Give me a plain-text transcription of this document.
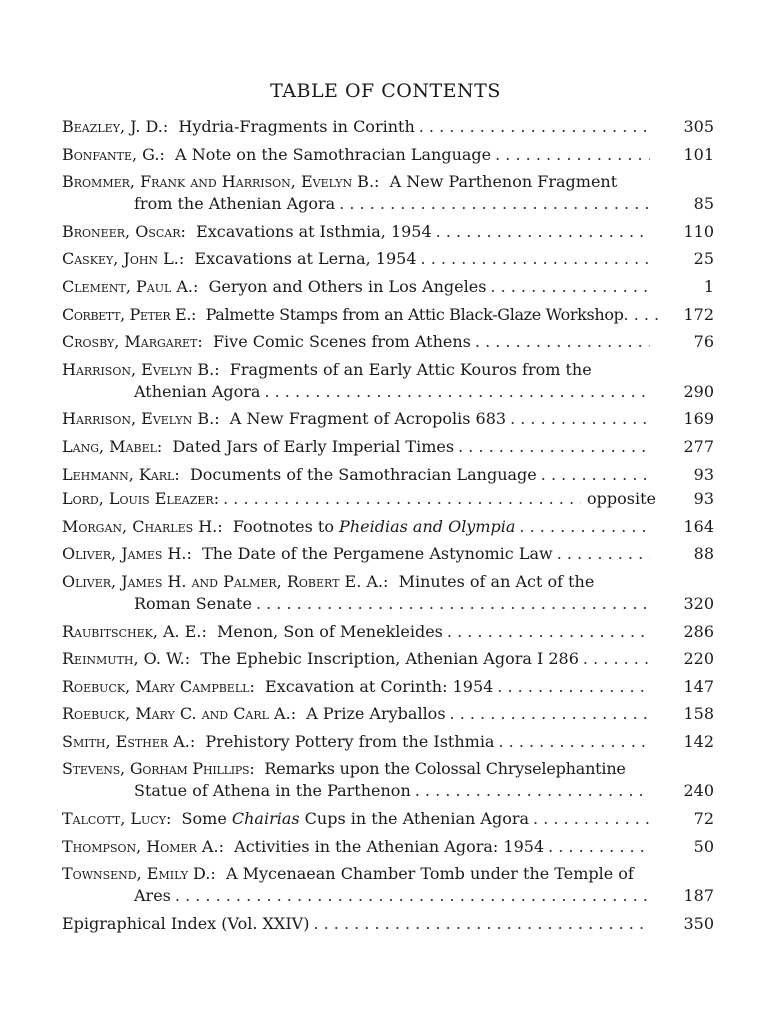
TABLE OF CONTENTS
Beazley, J. D.: Hydria-Fragments in Corinth . . .	305
Bonfante, G.: A Note on the Samothracian Language . . .	101
Brommer, Frank and Harrison, Evelyn B.: A New Parthenon Fragment
from the Athenian Agora . . .	85
Broneer, Oscar: Excavations at Isthmia, 1954 . . .	110
Caskey, John L.: Excavations at Lerna, 1954 . . .	25
Clement, Paul A.: Geryon and Others in Los Angeles . . .	1
Corbett, Peter E.: Palmette Stamps from an Attic Black-Glaze Workshop . . .	172
Crosby, Margaret: Five Comic Scenes from Athens . . .	76
Harrison, Evelyn B.: Fragments of an Early Attic Kouros from the
Athenian Agora . . .	290
Harrison, Evelyn B.: A New Fragment of Acropolis 683 . . .	169
Lang, Mabel: Dated Jars of Early Imperial Times . . .	277
Lehmann, Karl: Documents of the Samothracian Language . . .	93
Lord, Louis Eleazer: . . .	opposite	93
Morgan, Charles H.: Footnotes to Pheidias and Olympia . . .	164
Oliver, James H.: The Date of the Pergamene Astynomic Law . . .	88
Oliver, James H. and Palmer, Robert E. A.: Minutes of an Act of the
Roman Senate . . .	320
Raubitschek, A. E.: Menon, Son of Menekleides . . .	286
Reinmuth, O. W.: The Ephebic Inscription, Athenian Agora I 286 . . .	220
Roebuck, Mary Campbell: Excavation at Corinth: 1954 . . .	147
Roebuck, Mary C. and Carl A.: A Prize Aryballos . . .	158
Smith, Esther A.: Prehistory Pottery from the Isthmia . . .	142
Stevens, Gorham Phillips: Remarks upon the Colossal Chryselephantine
Statue of Athena in the Parthenon . . .	240
Talcott, Lucy: Some Chairias Cups in the Athenian Agora . . .	72
Thompson, Homer A.: Activities in the Athenian Agora: 1954 . . .	50
Townsend, Emily D.: A Mycenaean Chamber Tomb under the Temple of
Ares . . .	187
Epigraphical Index (Vol. XXIV) . . .	350
